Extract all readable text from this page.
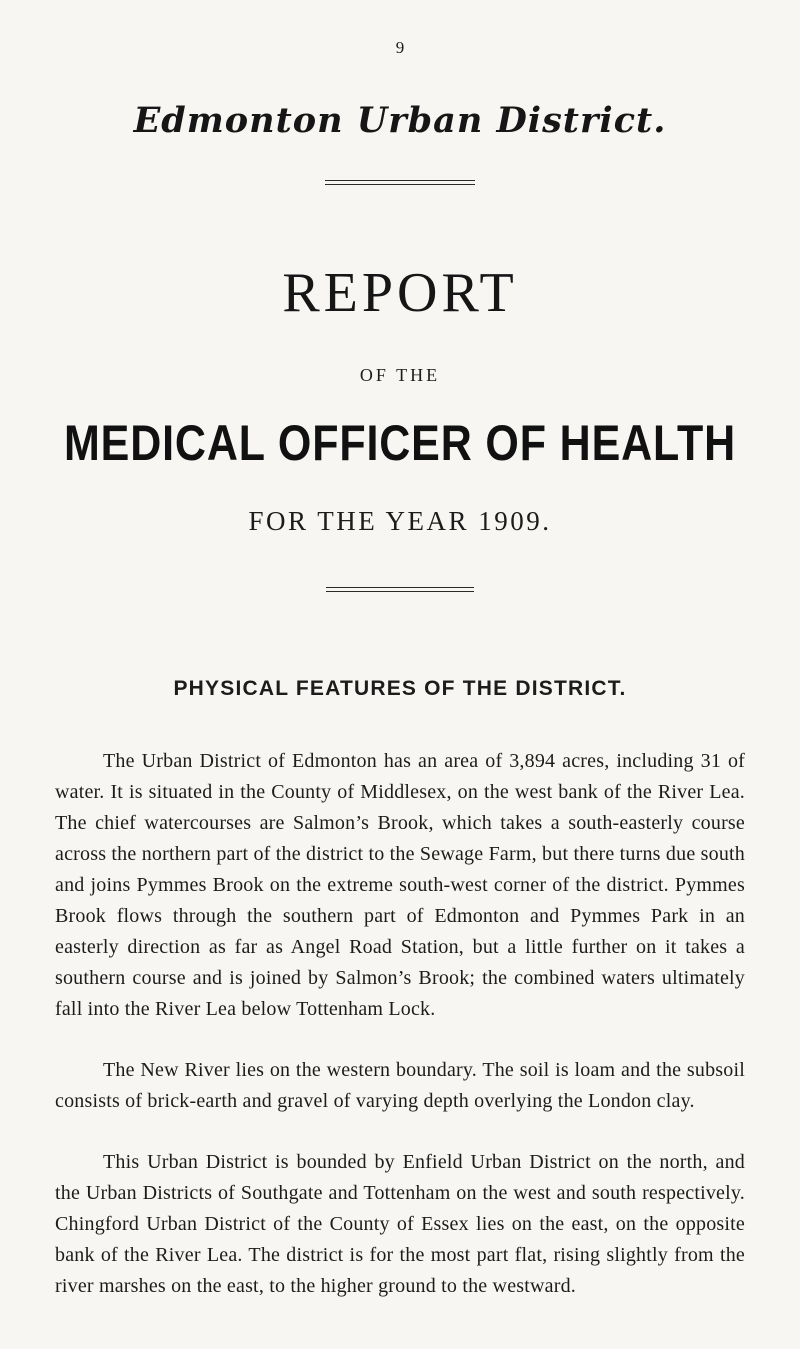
9
Edmonton Urban District.
REPORT
OF THE
MEDICAL OFFICER OF HEALTH
FOR THE YEAR 1909.
PHYSICAL FEATURES OF THE DISTRICT.

The Urban District of Edmonton has an area of 3,894 acres, including 31 of water. It is situated in the County of Middlesex, on the west bank of the River Lea. The chief watercourses are Salmon’s Brook, which takes a south-easterly course across the northern part of the district to the Sewage Farm, but there turns due south and joins Pymmes Brook on the extreme south-west corner of the district. Pymmes Brook flows through the southern part of Edmonton and Pymmes Park in an easterly direction as far as Angel Road Station, but a little further on it takes a southern course and is joined by Salmon’s Brook; the combined waters ultimately fall into the River Lea below Tottenham Lock.

The New River lies on the western boundary. The soil is loam and the subsoil consists of brick-earth and gravel of varying depth overlying the London clay.

This Urban District is bounded by Enfield Urban District on the north, and the Urban Districts of Southgate and Tottenham on the west and south respectively. Chingford Urban District of the County of Essex lies on the east, on the opposite bank of the River Lea. The district is for the most part flat, rising slightly from the river marshes on the east, to the higher ground to the westward.
